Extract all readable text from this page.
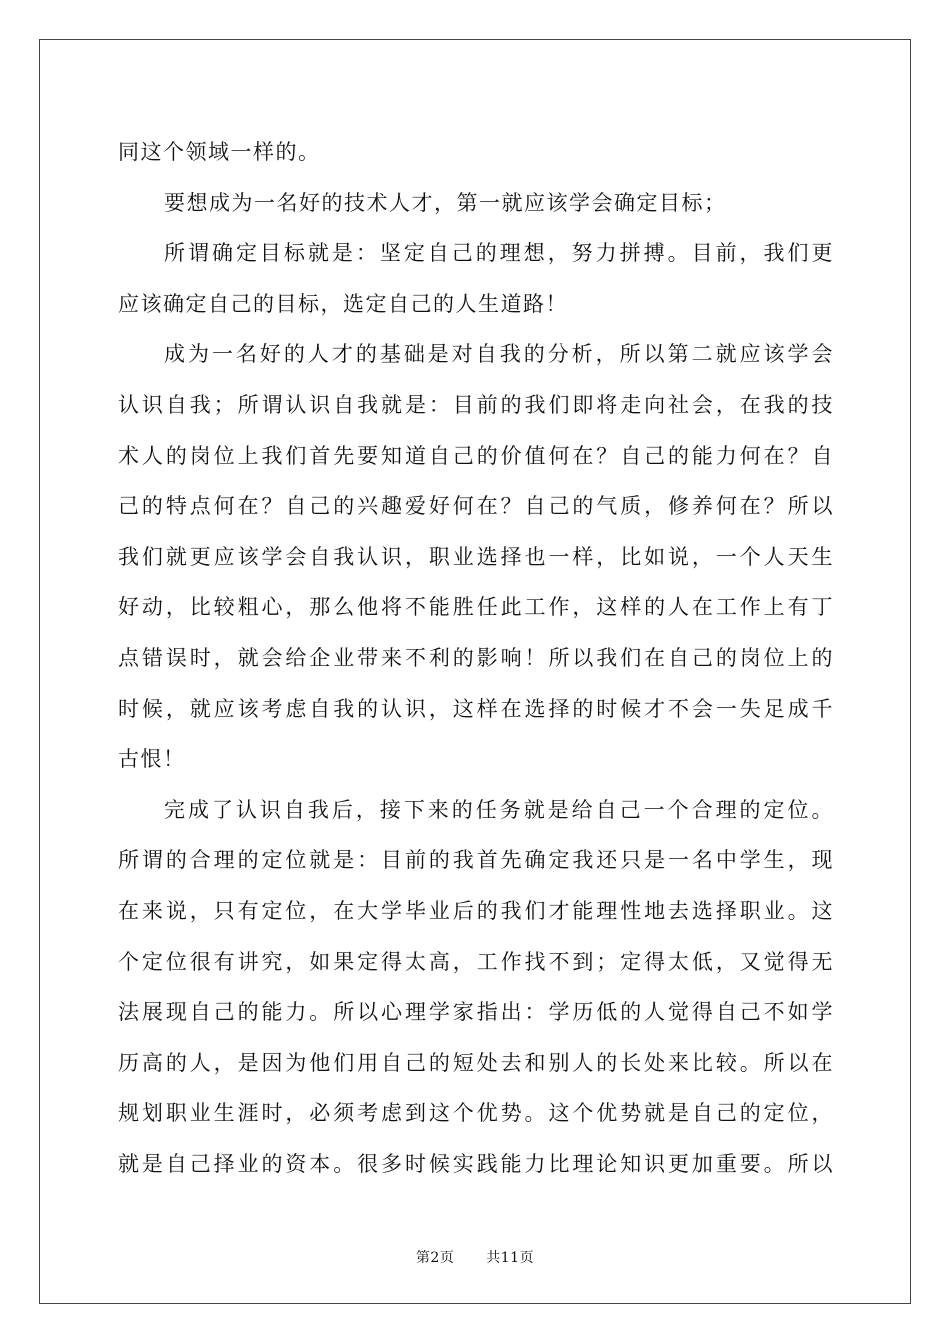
同这个领域一样的。
要想成为一名好的技术人才，第一就应该学会确定目标；
所谓确定目标就是：坚定自己的理想，努力拼搏。目前，我们更
应该确定自己的目标，选定自己的人生道路！
成为一名好的人才的基础是对自我的分析，所以第二就应该学会
认识自我；所谓认识自我就是：目前的我们即将走向社会，在我的技
术人的岗位上我们首先要知道自己的价值何在？自己的能力何在？自
己的特点何在？自己的兴趣爱好何在？自己的气质，修养何在？所以
我们就更应该学会自我认识，职业选择也一样，比如说，一个人天生
好动，比较粗心，那么他将不能胜任此工作，这样的人在工作上有丁
点错误时，就会给企业带来不利的影响！所以我们在自己的岗位上的
时候，就应该考虑自我的认识，这样在选择的时候才不会一失足成千
古恨！
完成了认识自我后，接下来的任务就是给自己一个合理的定位。
所谓的合理的定位就是：目前的我首先确定我还只是一名中学生，现
在来说，只有定位，在大学毕业后的我们才能理性地去选择职业。这
个定位很有讲究，如果定得太高，工作找不到；定得太低，又觉得无
法展现自己的能力。所以心理学家指出：学历低的人觉得自己不如学
历高的人，是因为他们用自己的短处去和别人的长处来比较。所以在
规划职业生涯时，必须考虑到这个优势。这个优势就是自己的定位，
就是自己择业的资本。很多时候实践能力比理论知识更加重要。所以
第2页 共11页
